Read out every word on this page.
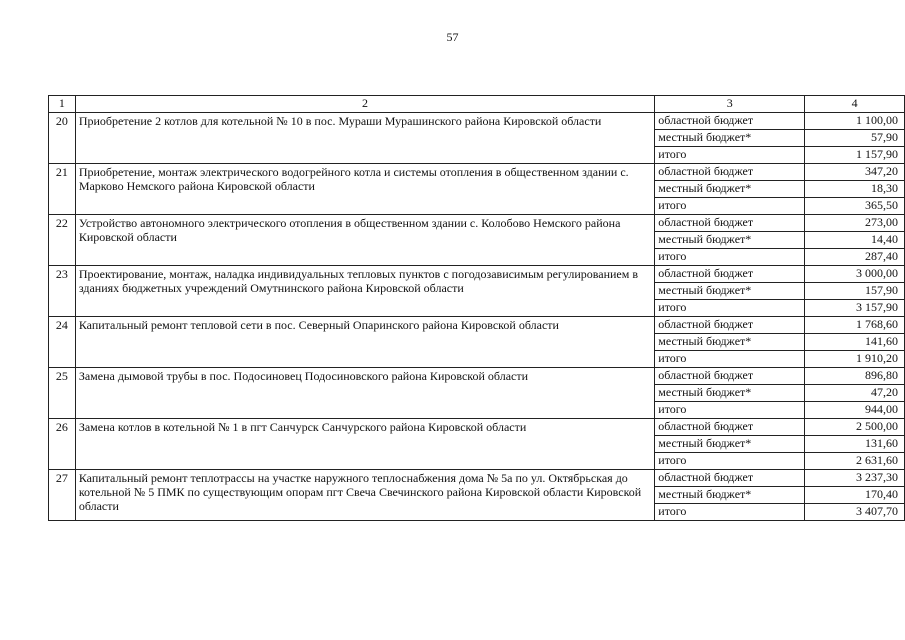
57
1	2	3	4
20	Приобретение 2 котлов для котельной № 10 в пос. Мураши Мурашинского района Кировской области	областной бюджет	1 100,00
		местный бюджет*	57,90
		итого	1 157,90
21	Приобретение, монтаж электрического водогрейного котла и системы отопления в общественном здании с. Марково Немского района Кировской области	областной бюджет	347,20
		местный бюджет*	18,30
		итого	365,50
22	Устройство автономного электрического отопления в общественном здании с. Колобово Немского района Кировской области	областной бюджет	273,00
		местный бюджет*	14,40
		итого	287,40
23	Проектирование, монтаж, наладка индивидуальных тепловых пунктов с погодозависимым регулированием в зданиях бюджетных учреждений Омутнинского района Кировской области	областной бюджет	3 000,00
		местный бюджет*	157,90
		итого	3 157,90
24	Капитальный ремонт тепловой сети в пос. Северный Опаринского района Кировской области	областной бюджет	1 768,60
		местный бюджет*	141,60
		итого	1 910,20
25	Замена дымовой трубы в пос. Подосиновец Подосиновского района Кировской области	областной бюджет	896,80
		местный бюджет*	47,20
		итого	944,00
26	Замена котлов в котельной № 1 в пгт Санчурск Санчурского района Кировской области	областной бюджет	2 500,00
		местный бюджет*	131,60
		итого	2 631,60
27	Капитальный ремонт теплотрассы на участке наружного теплоснабжения дома № 5а по ул. Октябрьская до котельной № 5 ПМК по существующим опорам пгт Свеча Свечинского района Кировской области Кировской области	областной бюджет	3 237,30
		местный бюджет*	170,40
		итого	3 407,70
